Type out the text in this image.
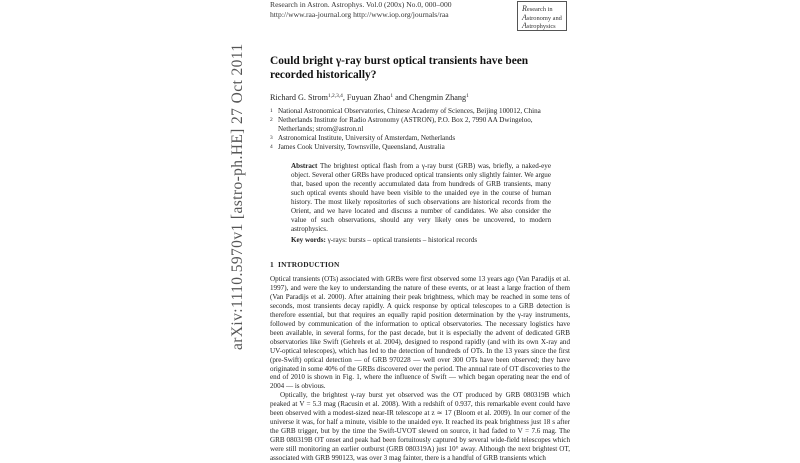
arXiv:1110.5970v1 [astro-ph.HE] 27 Oct 2011
Research in Astron. Astrophys. Vol.0 (200x) No.0, 000–000
http://www.raa-journal.org http://www.iop.org/journals/raa
Research in
Astronomy and
Astrophysics
Could bright γ-ray burst optical transients have been recorded historically?
Richard G. Strom$^{1,2,3,4}$, Fuyuan Zhao$^1$ and Chengmin Zhang$^1$
1 National Astronomical Observatories, Chinese Academy of Sciences, Beijing 100012, China
2 Netherlands Institute for Radio Astronomy (ASTRON), P.O. Box 2, 7990 AA Dwingeloo, Netherlands; strom@astron.nl
3 Astronomical Institute, University of Amsterdam, Netherlands
4 James Cook University, Townsville, Queensland, Australia
Abstract The brightest optical flash from a γ-ray burst (GRB) was, briefly, a naked-eye object. Several other GRBs have produced optical transients only slightly fainter. We argue that, based upon the recently accumulated data from hundreds of GRB transients, many such optical events should have been visible to the unaided eye in the course of human history. The most likely repositories of such observations are historical records from the Orient, and we have located and discuss a number of candidates. We also consider the value of such observations, should any very likely ones be uncovered, to modern astrophysics.
Key words: γ-rays: bursts – optical transients – historical records
1 INTRODUCTION

Optical transients (OTs) associated with GRBs were first observed some 13 years ago (Van Paradijs et al. 1997), and were the key to understanding the nature of these events, or at least a large fraction of them (Van Paradijs et al. 2000). After attaining their peak brightness, which may be reached in some tens of seconds, most transients decay rapidly. A quick response by optical telescopes to a GRB detection is therefore essential, but that requires an equally rapid position determination by the γ-ray instruments, followed by communication of the information to optical observatories. The necessary logistics have been available, in several forms, for the past decade, but it is especially the advent of dedicated GRB observatories like Swift (Gehrels et al. 2004), designed to respond rapidly (and with its own X-ray and UV-optical telescopes), which has led to the detection of hundreds of OTs. In the 13 years since the first (pre-Swift) optical detection — of GRB 970228 — well over 300 OTs have been observed; they have originated in some 40% of the GRBs discovered over the period. The annual rate of OT discoveries to the end of 2010 is shown in Fig. 1, where the influence of Swift — which began operating near the end of 2004 — is obvious.

Optically, the brightest γ-ray burst yet observed was the OT produced by GRB 080319B which peaked at V = 5.3 mag (Racusin et al. 2008). With a redshift of 0.937, this remarkable event could have been observed with a modest-sized near-IR telescope at z ≃ 17 (Bloom et al. 2009). In our corner of the universe it was, for half a minute, visible to the unaided eye. It reached its peak brightness just 18 s after the GRB trigger, but by the time the Swift-UVOT slewed on source, it had faded to V = 7.6 mag. The GRB 080319B OT onset and peak had been fortuitously captured by several wide-field telescopes which were still monitoring an earlier outburst (GRB 080319A) just 10° away. Although the next brightest OT, associated with GRB 990123, was over 3 mag fainter, there is a handful of GRB transients which
